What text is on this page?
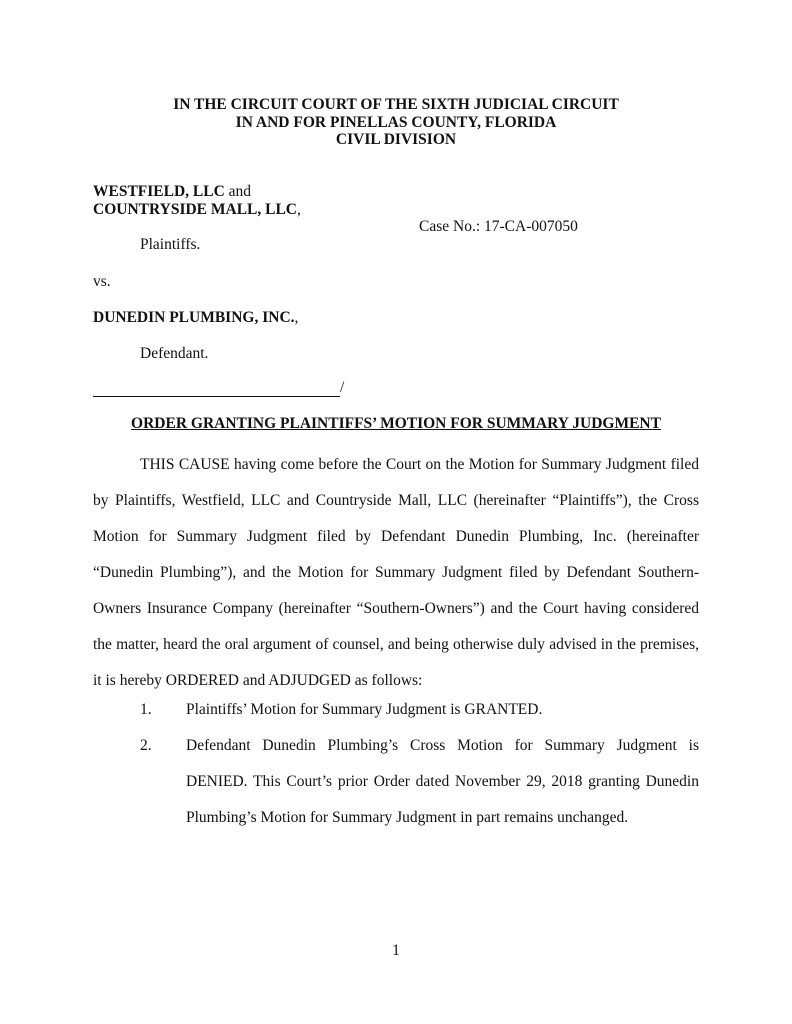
IN THE CIRCUIT COURT OF THE SIXTH JUDICIAL CIRCUIT
IN AND FOR PINELLAS COUNTY, FLORIDA
CIVIL DIVISION
WESTFIELD, LLC and
COUNTRYSIDE MALL, LLC,
Case No.: 17-CA-007050
Plaintiffs.
vs.
DUNEDIN PLUMBING, INC.,
Defendant.
/
ORDER GRANTING PLAINTIFFS’ MOTION FOR SUMMARY JUDGMENT

THIS CAUSE having come before the Court on the Motion for Summary Judgment filed by Plaintiffs, Westfield, LLC and Countryside Mall, LLC (hereinafter “Plaintiffs”), the Cross Motion for Summary Judgment filed by Defendant Dunedin Plumbing, Inc. (hereinafter “Dunedin Plumbing”), and the Motion for Summary Judgment filed by Defendant Southern-Owners Insurance Company (hereinafter “Southern-Owners”) and the Court having considered the matter, heard the oral argument of counsel, and being otherwise duly advised in the premises, it is hereby ORDERED and ADJUDGED as follows:

1. Plaintiffs’ Motion for Summary Judgment is GRANTED.

2. Defendant Dunedin Plumbing’s Cross Motion for Summary Judgment is DENIED. This Court’s prior Order dated November 29, 2018 granting Dunedin Plumbing’s Motion for Summary Judgment in part remains unchanged.

1
